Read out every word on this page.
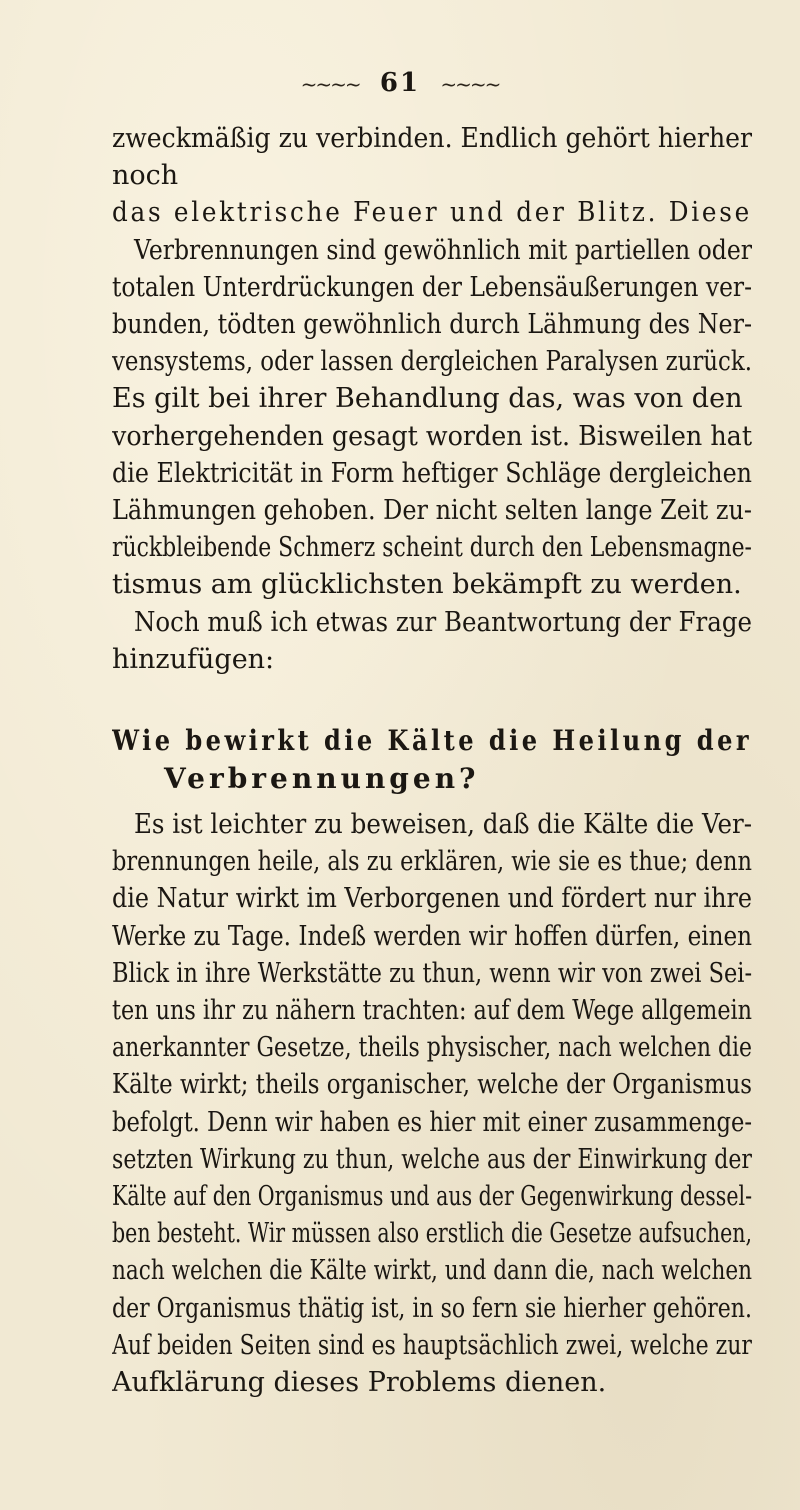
~~~~ 61 ~~~~

zweckmäßig zu verbinden. Endlich gehört hierher
noch

das elektrische Feuer und der Blitz. Diese
Verbrennungen sind gewöhnlich mit partiellen oder
totalen Unterdrückungen der Lebensäußerungen ver-
bunden, tödten gewöhnlich durch Lähmung des Ner-
vensystems, oder lassen dergleichen Paralysen zurück.
Es gilt bei ihrer Behandlung das, was von den
vorhergehenden gesagt worden ist. Bisweilen hat
die Elektricität in Form heftiger Schläge dergleichen
Lähmungen gehoben. Der nicht selten lange Zeit zu-
rückbleibende Schmerz scheint durch den Lebensmagne-
tismus am glücklichsten bekämpft zu werden.

Noch muß ich etwas zur Beantwortung der Frage
hinzufügen:

Wie bewirkt die Kälte die Heilung der
Verbrennungen?

Es ist leichter zu beweisen, daß die Kälte die Ver-
brennungen heile, als zu erklären, wie sie es thue; denn
die Natur wirkt im Verborgenen und fördert nur ihre
Werke zu Tage. Indeß werden wir hoffen dürfen, einen
Blick in ihre Werkstätte zu thun, wenn wir von zwei Sei-
ten uns ihr zu nähern trachten: auf dem Wege allgemein
anerkannter Gesetze, theils physischer, nach welchen die
Kälte wirkt; theils organischer, welche der Organismus
befolgt. Denn wir haben es hier mit einer zusammenge-
setzten Wirkung zu thun, welche aus der Einwirkung der
Kälte auf den Organismus und aus der Gegenwirkung dessel-
ben besteht. Wir müssen also erstlich die Gesetze aufsuchen,
nach welchen die Kälte wirkt, und dann die, nach welchen
der Organismus thätig ist, in so fern sie hierher gehören.
Auf beiden Seiten sind es hauptsächlich zwei, welche zur
Aufklärung dieses Problems dienen.
